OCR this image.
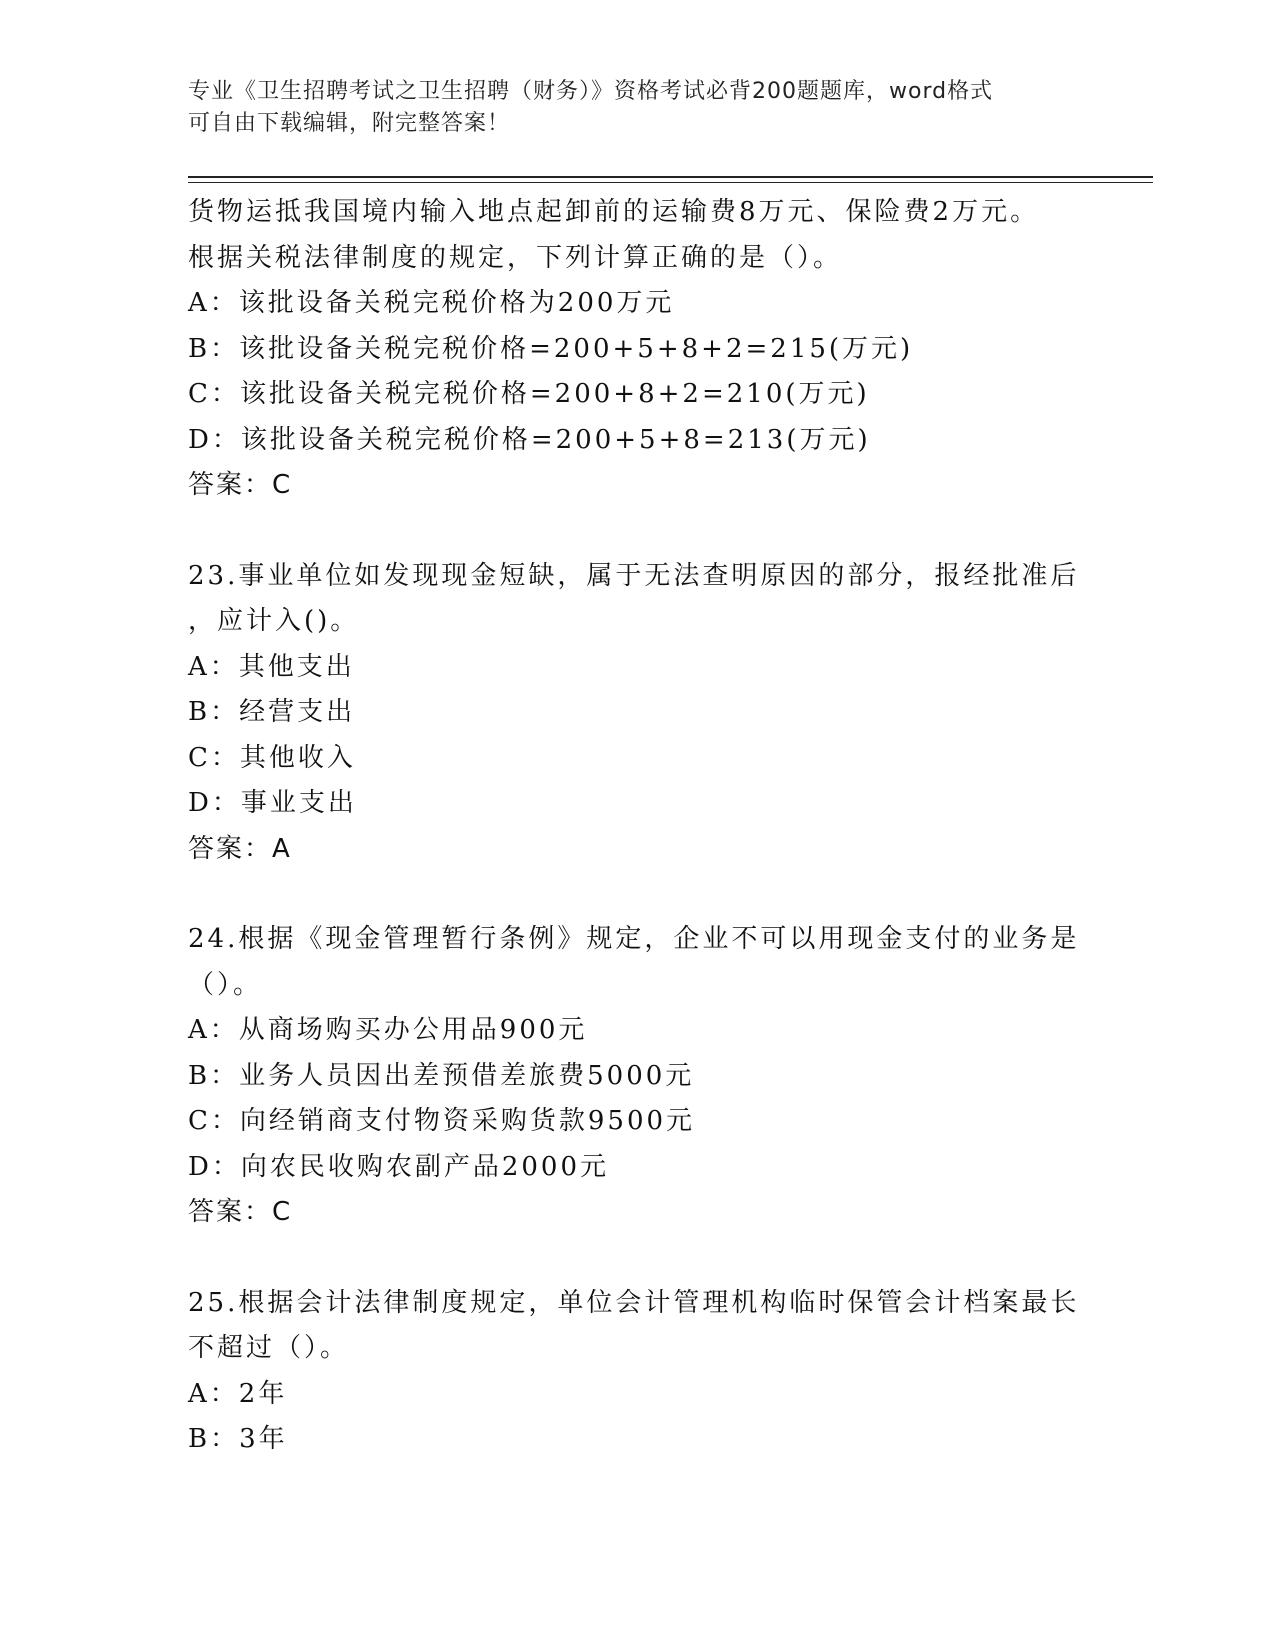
专业《卫生招聘考试之卫生招聘（财务）》资格考试必背200题题库，word格式
可自由下载编辑，附完整答案！
货物运抵我国境内输入地点起卸前的运输费8万元、保险费2万元。
根据关税法律制度的规定，下列计算正确的是（）。
A：该批设备关税完税价格为200万元
B：该批设备关税完税价格=200+5+8+2=215(万元)
C：该批设备关税完税价格=200+8+2=210(万元)
D：该批设备关税完税价格=200+5+8=213(万元)
答案：C
23.事业单位如发现现金短缺，属于无法查明原因的部分，报经批准后
，应计入()。
A：其他支出
B：经营支出
C：其他收入
D：事业支出
答案：A
24.根据《现金管理暂行条例》规定，企业不可以用现金支付的业务是
（）。
A：从商场购买办公用品900元
B：业务人员因出差预借差旅费5000元
C：向经销商支付物资采购货款9500元
D：向农民收购农副产品2000元
答案：C
25.根据会计法律制度规定，单位会计管理机构临时保管会计档案最长
不超过（）。
A：2年
B：3年
